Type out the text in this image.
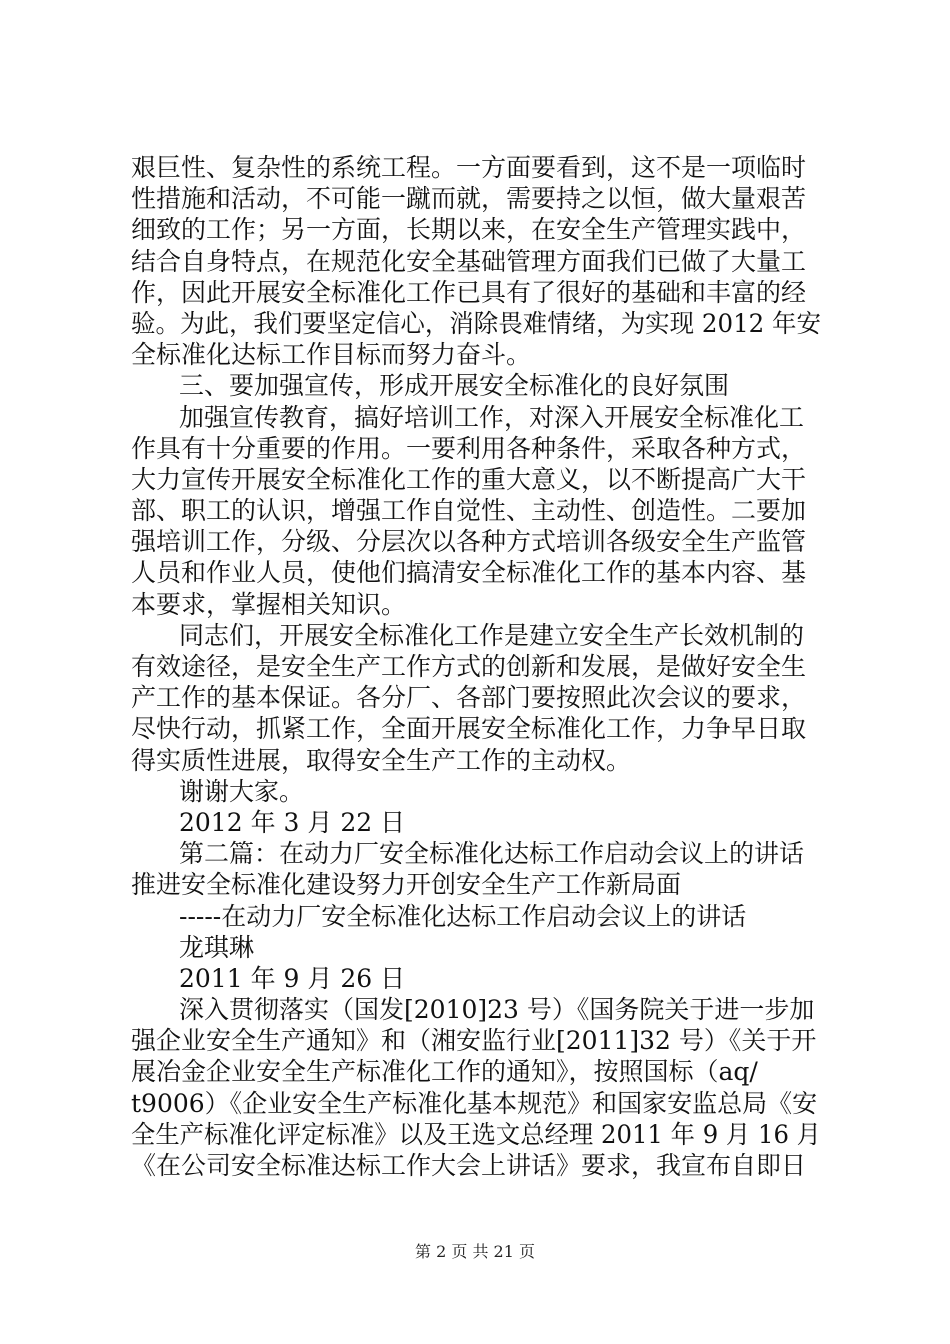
艰巨性、复杂性的系统工程。一方面要看到，这不是一项临时
性措施和活动，不可能一蹴而就，需要持之以恒，做大量艰苦
细致的工作；另一方面，长期以来，在安全生产管理实践中，
结合自身特点，在规范化安全基础管理方面我们已做了大量工
作，因此开展安全标准化工作已具有了很好的基础和丰富的经
验。为此，我们要坚定信心，消除畏难情绪，为实现 2012 年安
全标准化达标工作目标而努力奋斗。
三、要加强宣传，形成开展安全标准化的良好氛围
加强宣传教育，搞好培训工作，对深入开展安全标准化工
作具有十分重要的作用。一要利用各种条件，采取各种方式，
大力宣传开展安全标准化工作的重大意义，以不断提高广大干
部、职工的认识，增强工作自觉性、主动性、创造性。二要加
强培训工作，分级、分层次以各种方式培训各级安全生产监管
人员和作业人员，使他们搞清安全标准化工作的基本内容、基
本要求，掌握相关知识。
同志们，开展安全标准化工作是建立安全生产长效机制的
有效途径，是安全生产工作方式的创新和发展，是做好安全生
产工作的基本保证。各分厂、各部门要按照此次会议的要求，
尽快行动，抓紧工作，全面开展安全标准化工作，力争早日取
得实质性进展，取得安全生产工作的主动权。
谢谢大家。
2012 年 3 月 22 日
第二篇：在动力厂安全标准化达标工作启动会议上的讲话
推进安全标准化建设努力开创安全生产工作新局面
-----在动力厂安全标准化达标工作启动会议上的讲话
龙琪琳
2011 年 9 月 26 日
深入贯彻落实（国发[2010]23 号）《国务院关于进一步加
强企业安全生产通知》和（湘安监行业[2011]32 号）《关于开
展冶金企业安全生产标准化工作的通知》，按照国标（aq/
t9006）《企业安全生产标准化基本规范》和国家安监总局《安
全生产标准化评定标准》以及王选文总经理 2011 年 9 月 16 月
《在公司安全标准达标工作大会上讲话》要求，我宣布自即日
第 2 页 共 21 页
